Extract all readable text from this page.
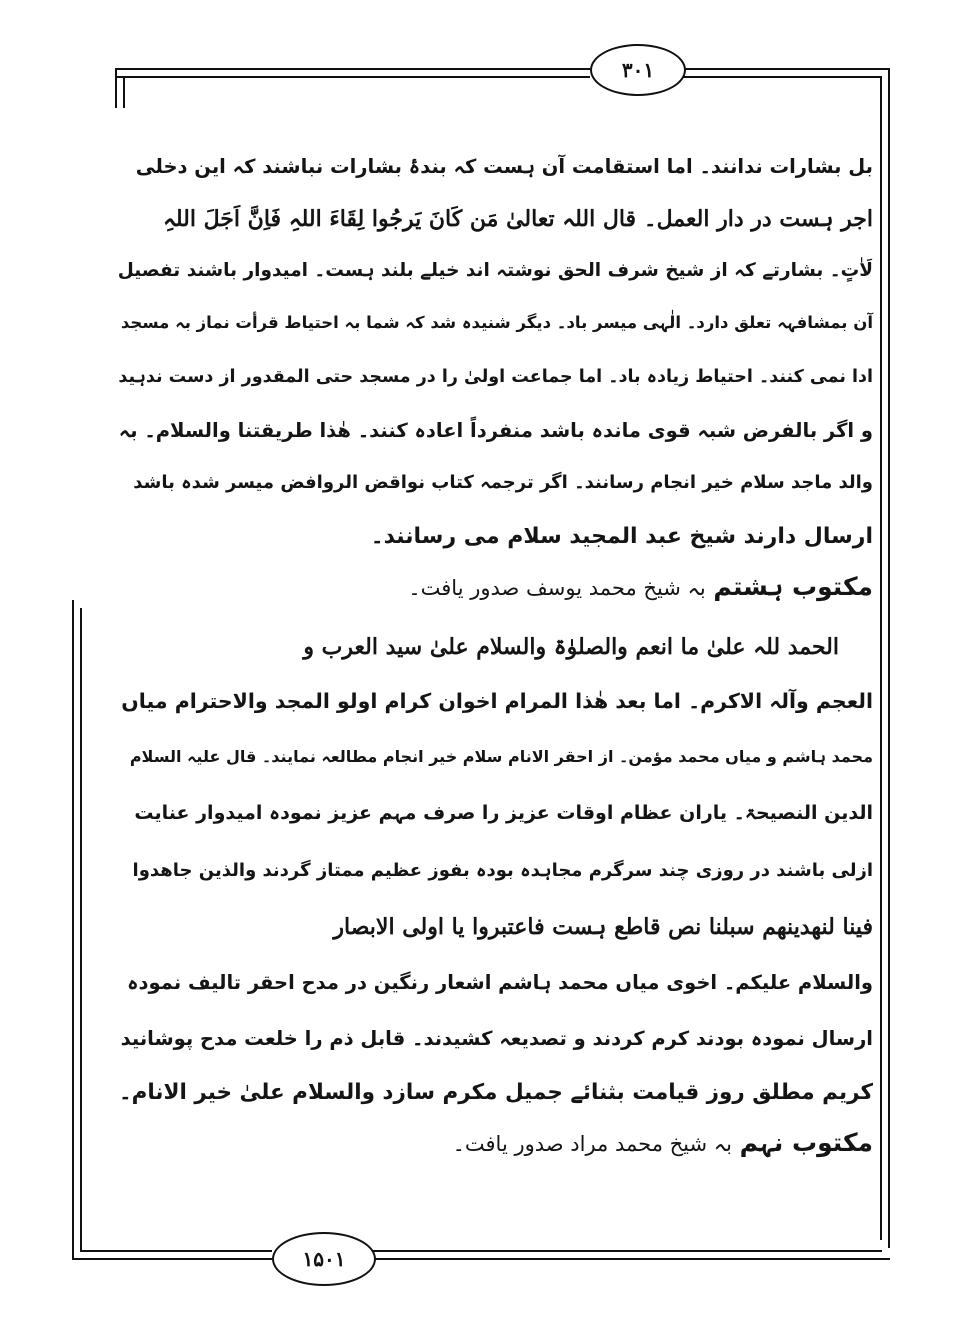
۳۰۱
بل بشارات ندانند۔ اما استقامت آن ہست کہ بندۂ بشارات نباشند کہ این دخلی
اجر ہست در دار العمل۔ قال اللہ تعالیٰ مَن کَانَ یَرجُوا لِقَاءَ اللہِ فَاِنَّ اَجَلَ اللہِ
لَاٰتٍ۔ بشارتے کہ از شیخ شرف الحق نوشتہ اند خیلے بلند ہست۔ امیدوار باشند تفصیل
آن بمشافہہ تعلق دارد۔ الٰہی میسر باد۔ دیگر شنیدہ شد کہ شما بہ احتیاط قرأت نماز بہ مسجد
ادا نمی کنند۔ احتیاط زیادہ باد۔ اما جماعت اولیٰ را در مسجد حتی المقدور از دست ندہید
و اگر بالفرض شبہ قوی ماندہ باشد منفرداً اعادہ کنند۔ ھٰذا طریقتنا والسلام۔ بہ
والد ماجد سلام خیر انجام رسانند۔ اگر ترجمہ کتاب نواقض الروافض میسر شدہ باشد
ارسال دارند شیخ عبد المجید سلام می رسانند۔
مکتوب ہشتم بہ شیخ محمد یوسف صدور یافت۔
الحمد للہ علیٰ ما انعم والصلوٰۃ والسلام علیٰ سید العرب و
العجم وآلہ الاکرم۔ اما بعد ھٰذا المرام اخوان کرام اولو المجد والاحترام میاں
محمد ہاشم و میاں محمد مؤمن۔ از احقر الانام سلام خیر انجام مطالعہ نمایند۔ قال علیہ السلام
الدین النصیحۃ۔ یاران عظام اوقات عزیز را صرف مہم عزیز نمودہ امیدوار عنایت
ازلی باشند در روزی چند سرگرم مجاہدہ بودہ بفوز عظیم ممتاز گردند والذین جاھدوا
فینا لنھدینھم سبلنا نص قاطع ہست فاعتبروا یا اولی الابصار
والسلام علیکم۔ اخوی میاں محمد ہاشم اشعار رنگین در مدح احقر تالیف نمودہ
ارسال نمودہ بودند کرم کردند و تصدیعہ کشیدند۔ قابل ذم را خلعت مدح پوشانید
کریم مطلق روز قیامت بثنائے جمیل مکرم سازد والسلام علیٰ خیر الانام۔
مکتوب نہم بہ شیخ محمد مراد صدور یافت۔
۱۵۰۱
